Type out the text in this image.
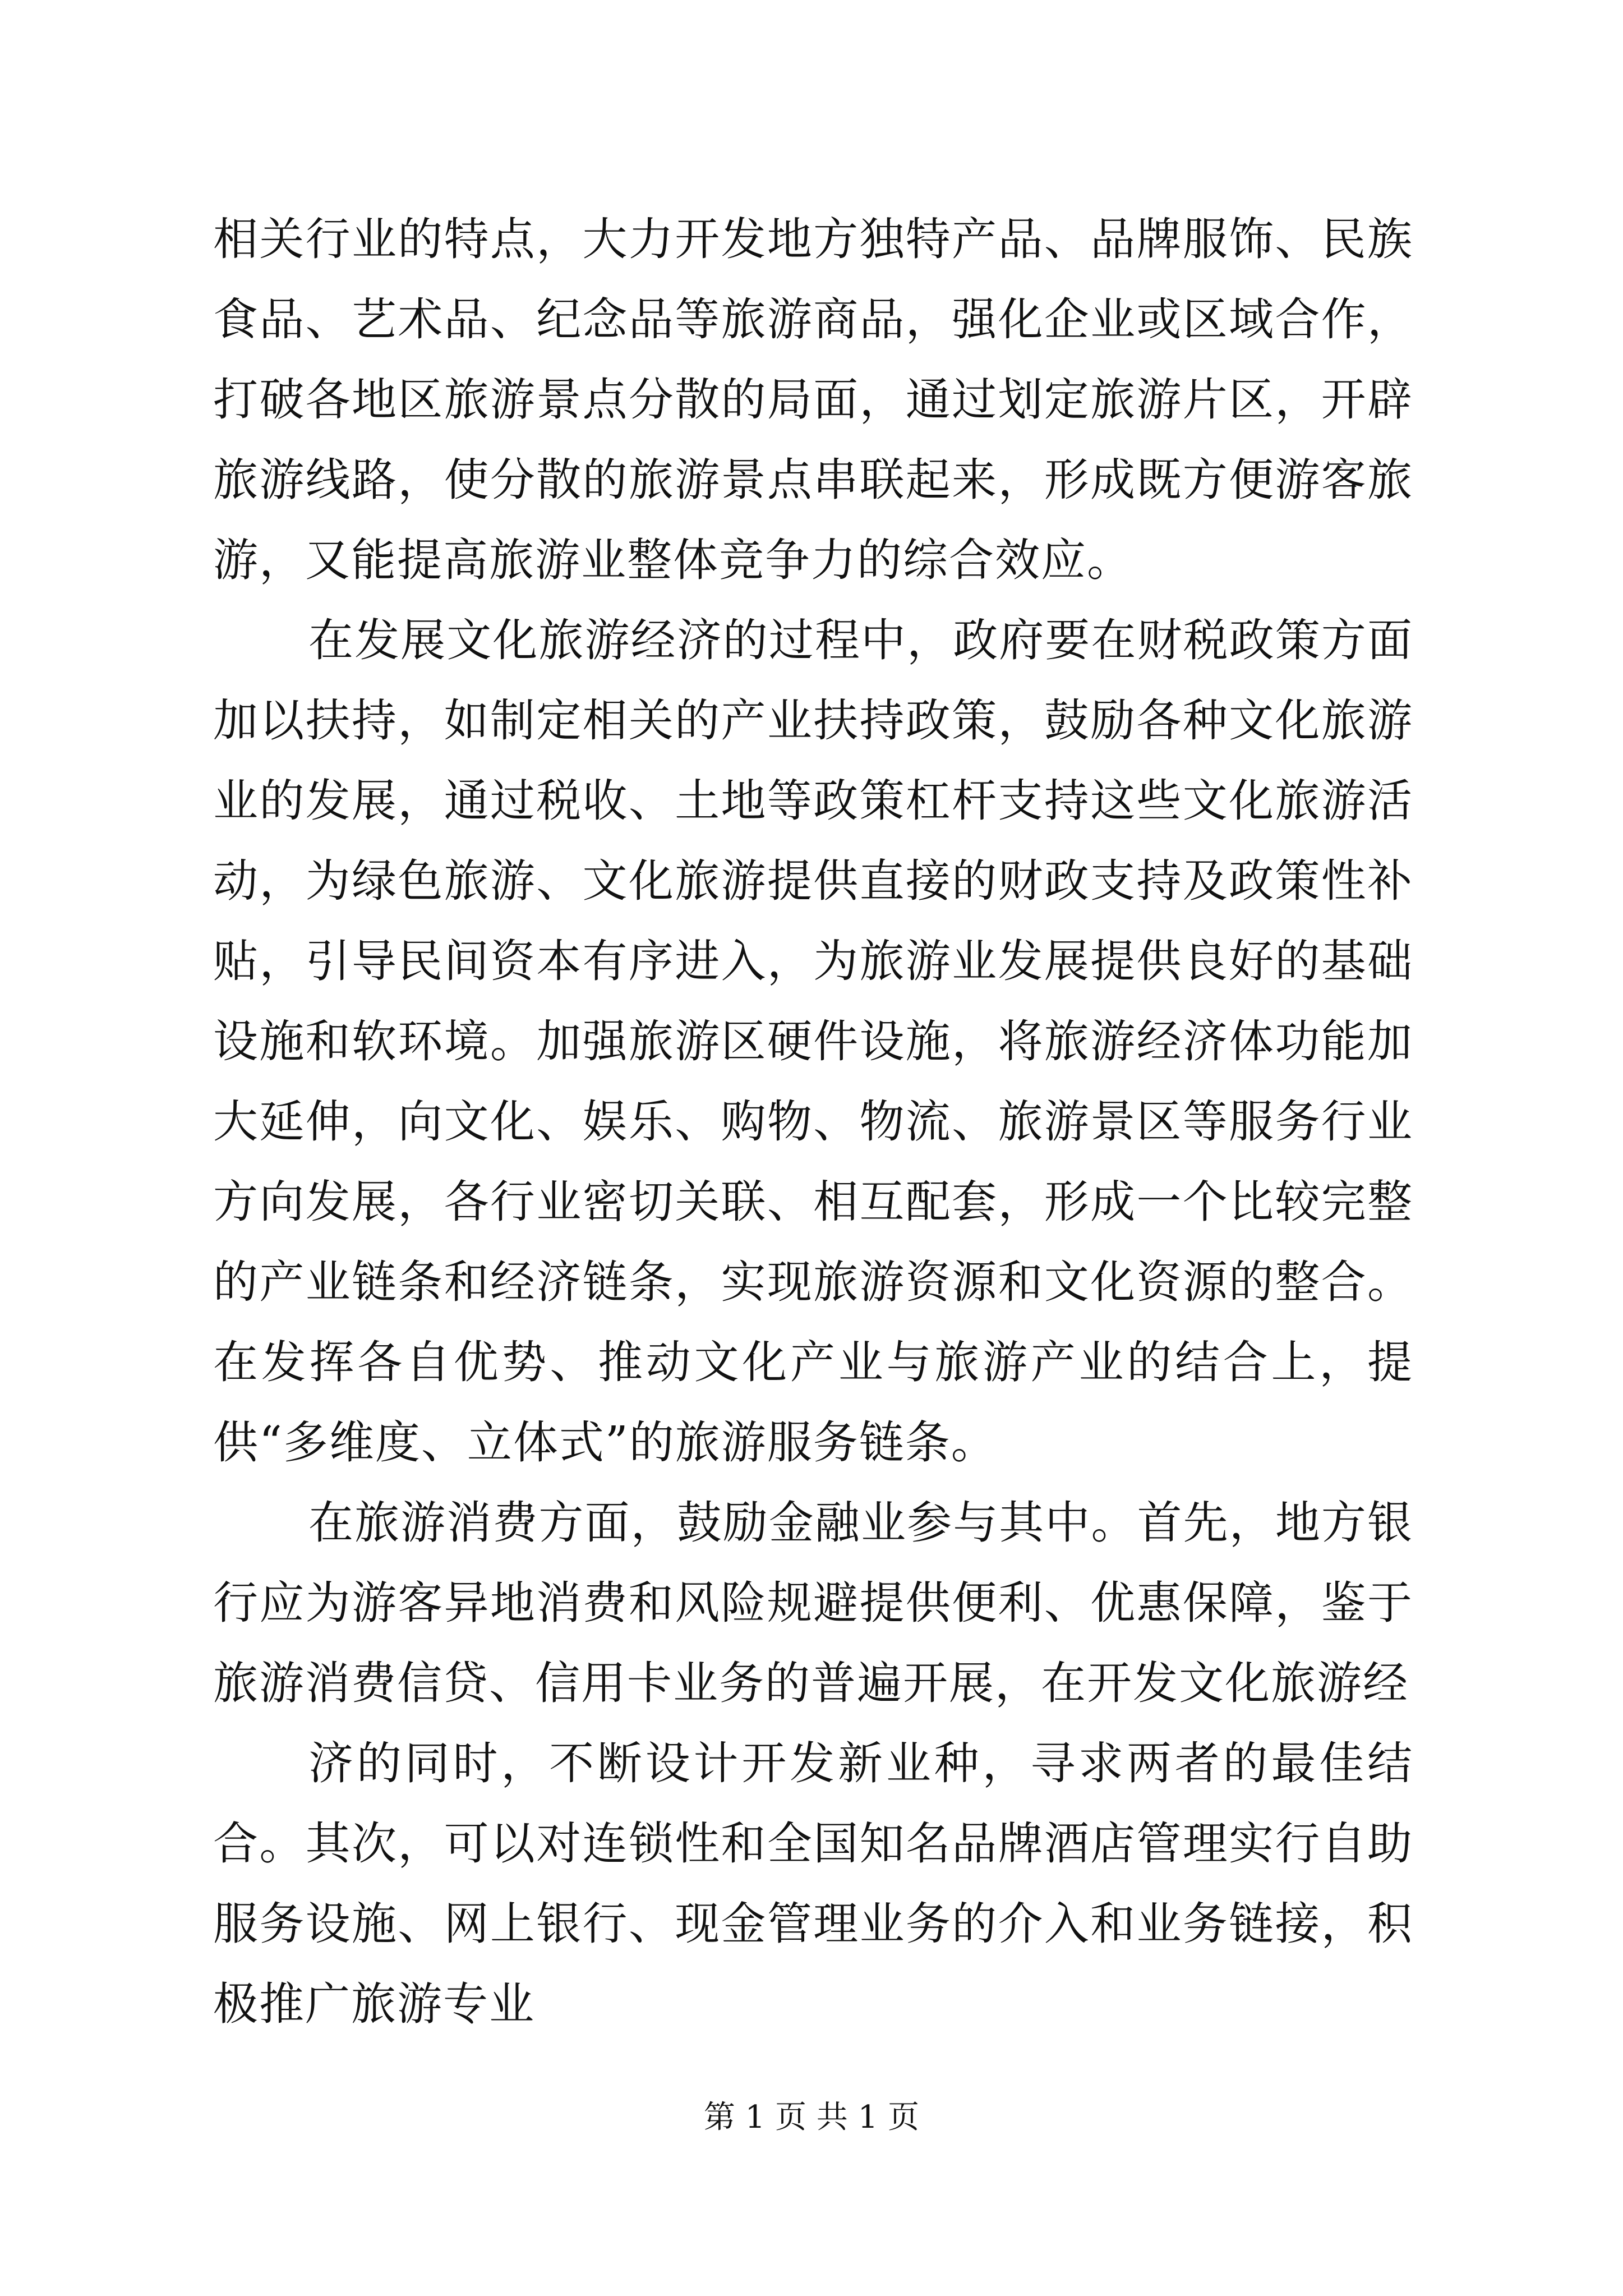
相关行业的特点，大力开发地方独特产品、品牌服饰、民族食品、艺术品、纪念品等旅游商品，强化企业或区域合作，打破各地区旅游景点分散的局面，通过划定旅游片区，开辟旅游线路，使分散的旅游景点串联起来，形成既方便游客旅游，又能提高旅游业整体竞争力的综合效应。

在发展文化旅游经济的过程中，政府要在财税政策方面加以扶持，如制定相关的产业扶持政策，鼓励各种文化旅游业的发展，通过税收、土地等政策杠杆支持这些文化旅游活动，为绿色旅游、文化旅游提供直接的财政支持及政策性补贴，引导民间资本有序进入，为旅游业发展提供良好的基础设施和软环境。加强旅游区硬件设施，将旅游经济体功能加大延伸，向文化、娱乐、购物、物流、旅游景区等服务行业方向发展，各行业密切关联、相互配套，形成一个比较完整的产业链条和经济链条，实现旅游资源和文化资源的整合。在发挥各自优势、推动文化产业与旅游产业的结合上，提供“多维度、立体式”的旅游服务链条。

在旅游消费方面，鼓励金融业参与其中。首先，地方银行应为游客异地消费和风险规避提供便利、优惠保障，鉴于旅游消费信贷、信用卡业务的普遍开展，在开发文化旅游经

济的同时，不断设计开发新业种，寻求两者的最佳结合。其次，可以对连锁性和全国知名品牌酒店管理实行自助服务设施、网上银行、现金管理业务的介入和业务链接，积极推广旅游专业

第 1 页 共 1 页
